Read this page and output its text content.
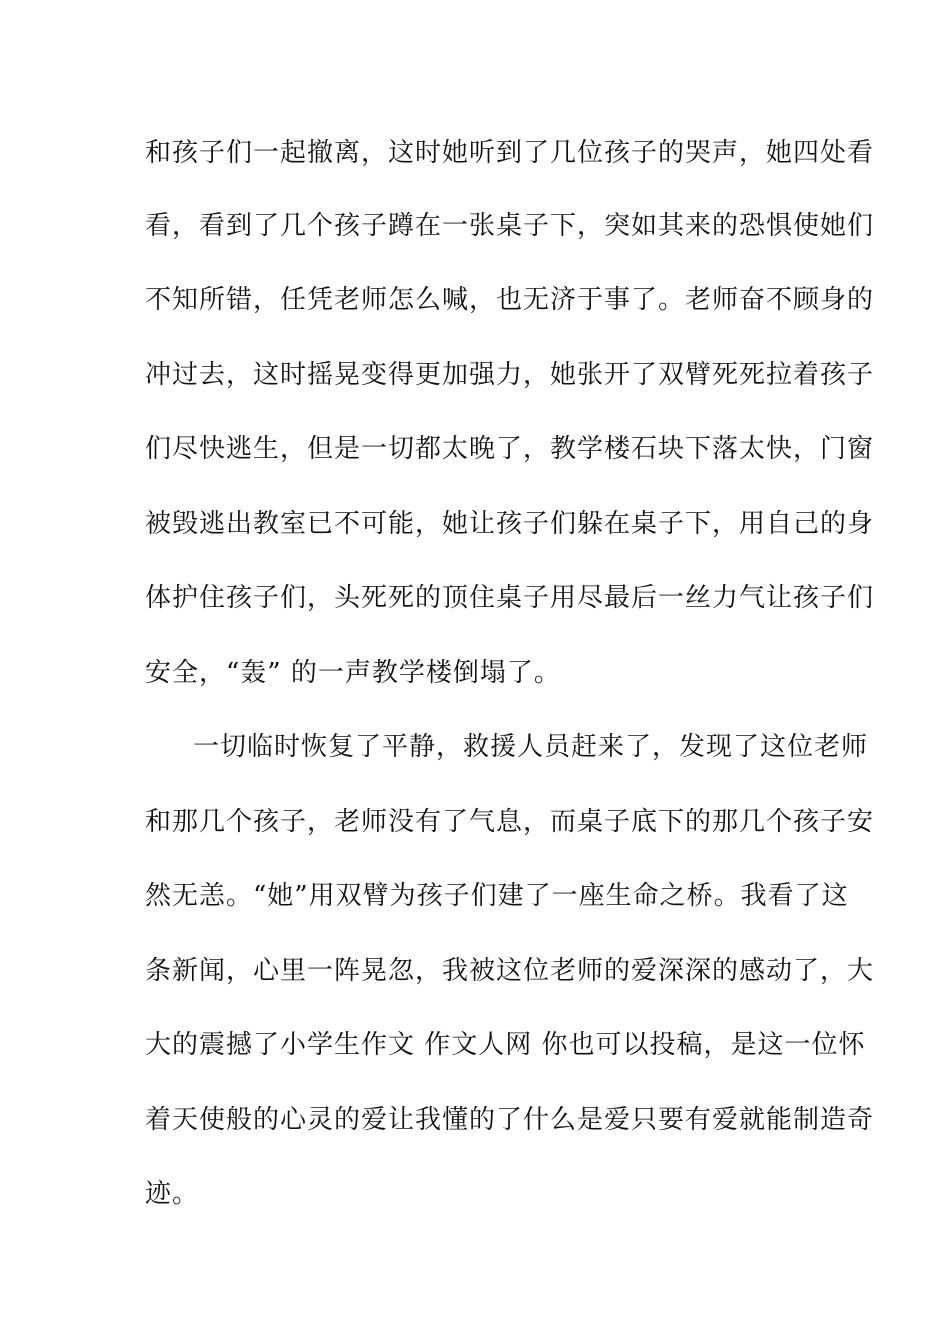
和孩子们一起撤离，这时她听到了几位孩子的哭声，她四处看
看，看到了几个孩子蹲在一张桌子下，突如其来的恐惧使她们
不知所错，任凭老师怎么喊，也无济于事了。老师奋不顾身的
冲过去，这时摇晃变得更加强力，她张开了双臂死死拉着孩子
们尽快逃生，但是一切都太晚了，教学楼石块下落太快，门窗
被毁逃出教室已不可能，她让孩子们躲在桌子下，用自己的身
体护住孩子们，头死死的顶住桌子用尽最后一丝力气让孩子们
安全，“轰” 的一声教学楼倒塌了。
一切临时恢复了平静，救援人员赶来了，发现了这位老师
和那几个孩子，老师没有了气息，而桌子底下的那几个孩子安
然无恙。“她”用双臂为孩子们建了一座生命之桥。我看了这
条新闻，心里一阵晃忽，我被这位老师的爱深深的感动了，大
大的震撼了小学生作文 作文人网 你也可以投稿，是这一位怀
着天使般的心灵的爱让我懂的了什么是爱只要有爱就能制造奇
迹。
